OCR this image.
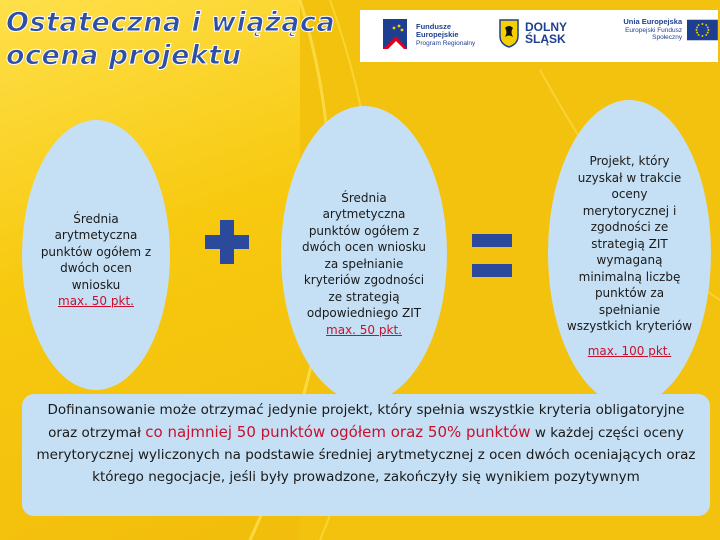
Ostateczna i wiążąca
ocena projektu
Fundusze
Europejskie
Program Regionalny
DOLNY
ŚLĄSK
Unia Europejska
Europejski Fundusz Społeczny
Średnia arytmetyczna punktów ogółem z dwóch ocen wniosku
max. 50 pkt.
Średnia arytmetyczna punktów ogółem z dwóch ocen wniosku za spełnianie kryteriów zgodności ze strategią odpowiedniego ZIT
max. 50 pkt.
Projekt, który uzyskał w trakcie oceny merytorycznej i zgodności ze strategią ZIT wymaganą minimalną liczbę punktów za spełnianie wszystkich kryteriów
max. 100 pkt.
Dofinansowanie może otrzymać jedynie projekt, który spełnia wszystkie kryteria obligatoryjne oraz otrzymał co najmniej 50 punktów ogółem oraz 50% punktów w każdej części oceny merytorycznej wyliczonych na podstawie średniej arytmetycznej z ocen dwóch oceniających oraz którego negocjacje, jeśli były prowadzone, zakończyły się wynikiem pozytywnym
